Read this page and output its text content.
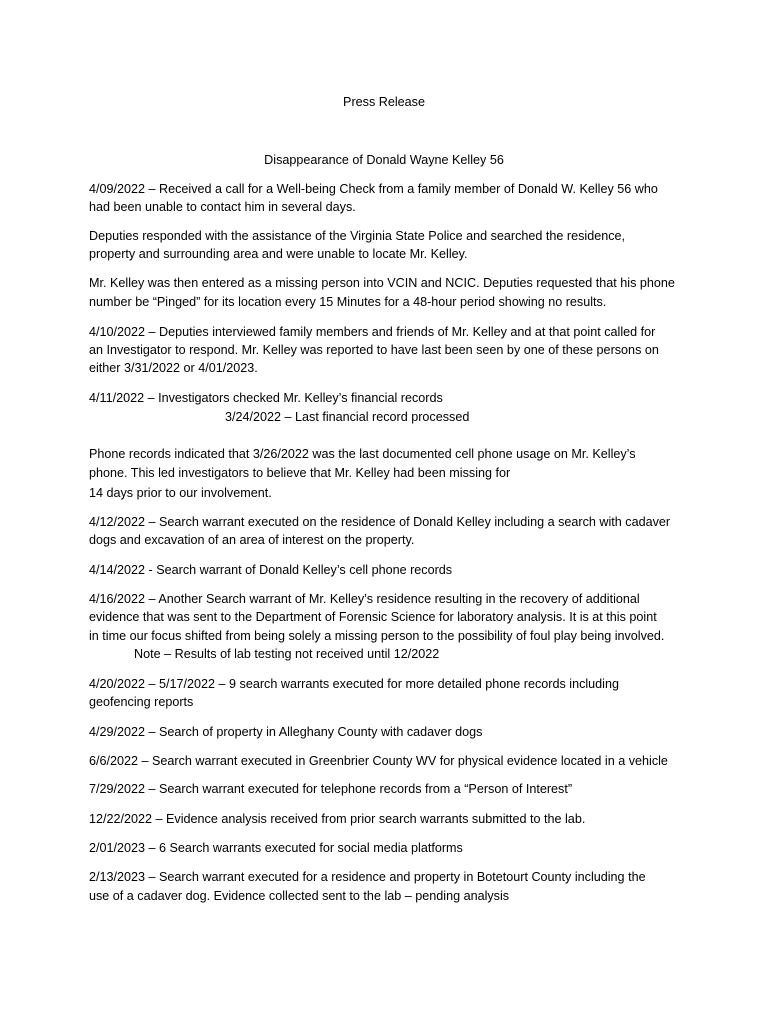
Press Release
Disappearance of Donald Wayne Kelley 56
4/09/2022 – Received a call for a Well-being Check from a family member of Donald W. Kelley 56 who
had been unable to contact him in several days.
Deputies responded with the assistance of the Virginia State Police and searched the residence,
property and surrounding area and were unable to locate Mr. Kelley.
Mr. Kelley was then entered as a missing person into VCIN and NCIC. Deputies requested that his phone
number be “Pinged” for its location every 15 Minutes for a 48-hour period showing no results.
4/10/2022 – Deputies interviewed family members and friends of Mr. Kelley and at that point called for
an Investigator to respond. Mr. Kelley was reported to have last been seen by one of these persons on
either 3/31/2022 or 4/01/2023.
4/11/2022 – Investigators checked Mr. Kelley’s financial records
3/24/2022 – Last financial record processed
Phone records indicated that 3/26/2022 was the last documented cell phone usage on Mr. Kelley’s
phone. This led investigators to believe that Mr. Kelley had been missing for
14 days prior to our involvement.
4/12/2022 – Search warrant executed on the residence of Donald Kelley including a search with cadaver
dogs and excavation of an area of interest on the property.
4/14/2022 - Search warrant of Donald Kelley’s cell phone records
4/16/2022 – Another Search warrant of Mr. Kelley’s residence resulting in the recovery of additional
evidence that was sent to the Department of Forensic Science for laboratory analysis. It is at this point
in time our focus shifted from being solely a missing person to the possibility of foul play being involved.
Note – Results of lab testing not received until 12/2022
4/20/2022 – 5/17/2022 – 9 search warrants executed for more detailed phone records including
geofencing reports
4/29/2022 – Search of property in Alleghany County with cadaver dogs
6/6/2022 – Search warrant executed in Greenbrier County WV for physical evidence located in a vehicle
7/29/2022 – Search warrant executed for telephone records from a “Person of Interest”
12/22/2022 – Evidence analysis received from prior search warrants submitted to the lab.
2/01/2023 – 6 Search warrants executed for social media platforms
2/13/2023 – Search warrant executed for a residence and property in Botetourt County including the
use of a cadaver dog. Evidence collected sent to the lab – pending analysis
